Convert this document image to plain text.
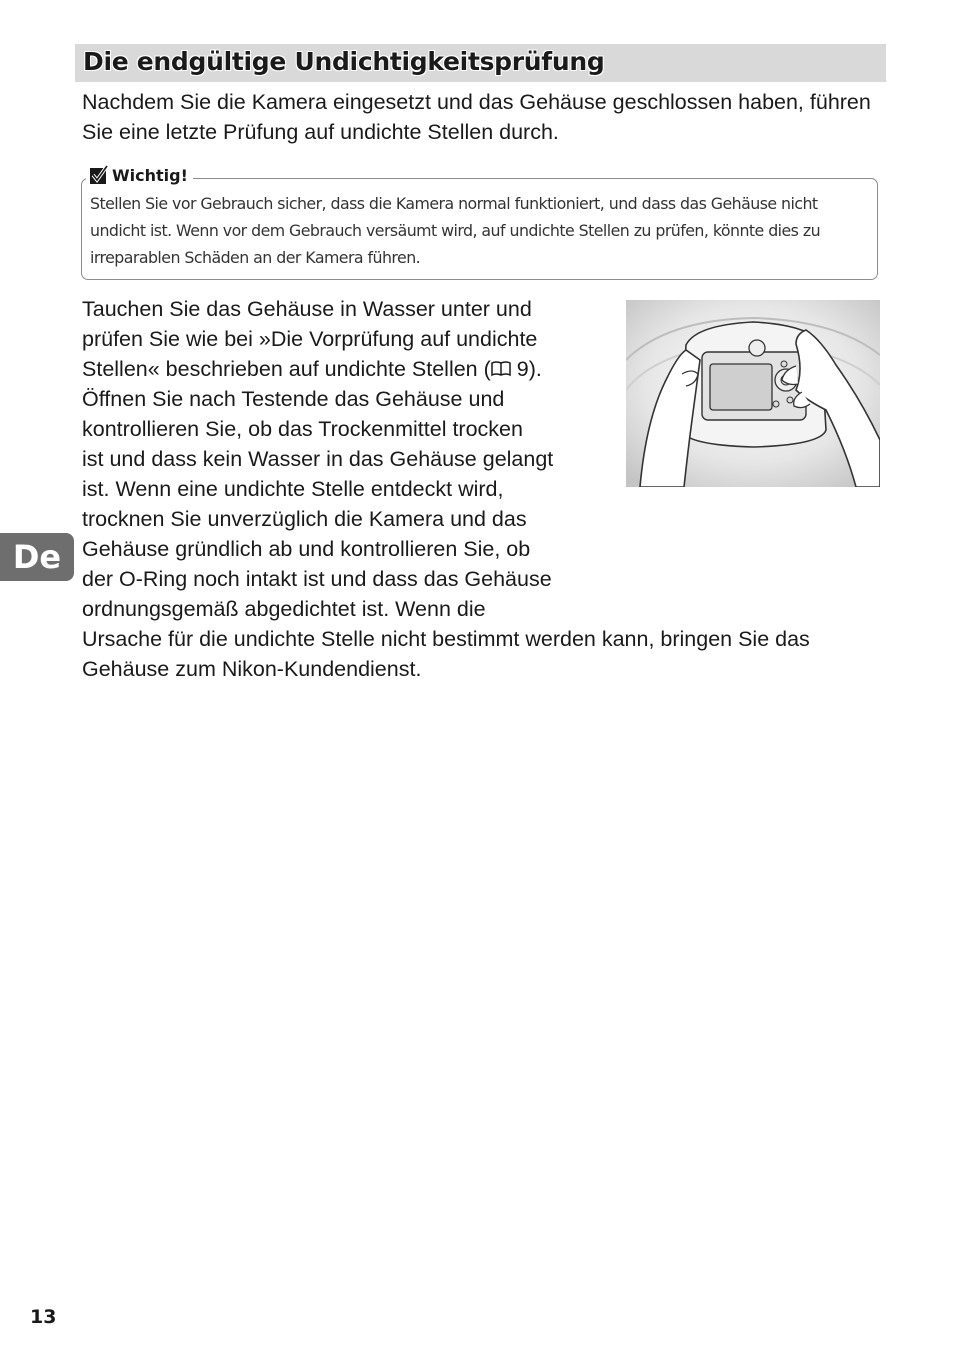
Die endgültige Undichtigkeitsprüfung

Nachdem Sie die Kamera eingesetzt und das Gehäuse geschlossen haben, führen Sie eine letzte Prüfung auf undichte Stellen durch.

Wichtig!

Stellen Sie vor Gebrauch sicher, dass die Kamera normal funktioniert, und dass das Gehäuse nicht undicht ist. Wenn vor dem Gebrauch versäumt wird, auf undichte Stellen zu prüfen, könnte dies zu irreparablen Schäden an der Kamera führen.

Tauchen Sie das Gehäuse in Wasser unter und
prüfen Sie wie bei »Die Vorprüfung auf undichte
Stellen« beschrieben auf undichte Stellen ( 9).
Öffnen Sie nach Testende das Gehäuse und
kontrollieren Sie, ob das Trockenmittel trocken
ist und dass kein Wasser in das Gehäuse gelangt
ist. Wenn eine undichte Stelle entdeckt wird,
trocknen Sie unverzüglich die Kamera und das
Gehäuse gründlich ab und kontrollieren Sie, ob
der O-Ring noch intakt ist und dass das Gehäuse
ordnungsgemäß abgedichtet ist. Wenn die
Ursache für die undichte Stelle nicht bestimmt werden kann, bringen Sie das
Gehäuse zum Nikon-Kundendienst.
De
13
